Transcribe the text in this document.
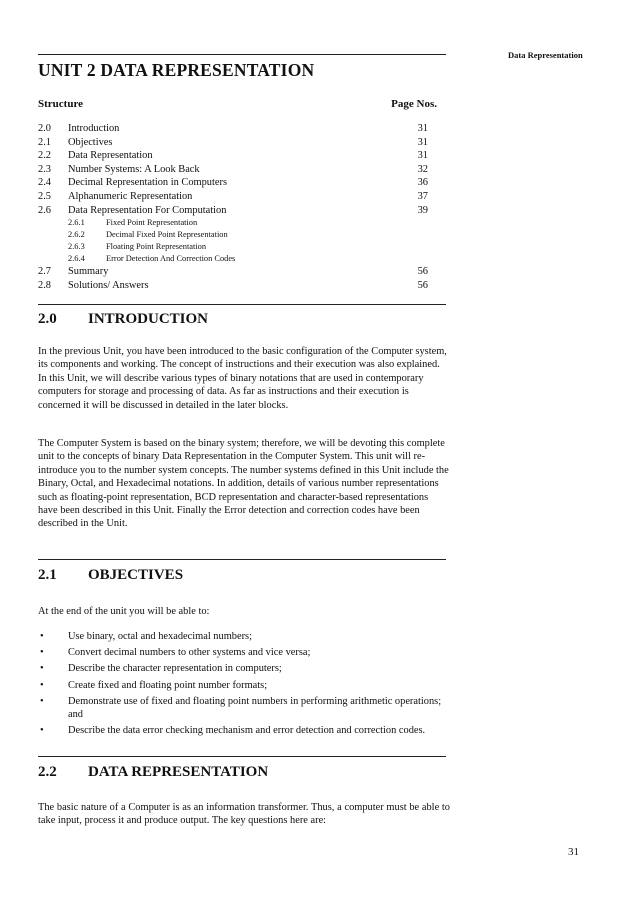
Data Representation
UNIT 2 DATA REPRESENTATION
Structure	Page Nos.
2.0 Introduction	31
2.1 Objectives	31
2.2 Data Representation	31
2.3 Number Systems: A Look Back	32
2.4 Decimal Representation in Computers	36
2.5 Alphanumeric Representation	37
2.6 Data Representation For Computation	39
2.6.1	Fixed Point Representation
2.6.2	Decimal Fixed Point Representation
2.6.3	Floating Point Representation
2.6.4	Error Detection And Correction Codes
2.7 Summary	56
2.8 Solutions/ Answers	56
2.0 INTRODUCTION

In the previous Unit, you have been introduced to the basic configuration of the Computer system, its components and working. The concept of instructions and their execution was also explained. In this Unit, we will describe various types of binary notations that are used in contemporary computers for storage and processing of data. As far as instructions and their execution is concerned it will be discussed in detailed in the later blocks.

The Computer System is based on the binary system; therefore, we will be devoting this complete unit to the concepts of binary Data Representation in the Computer System. This unit will re-introduce you to the number system concepts. The number systems defined in this Unit include the Binary, Octal, and Hexadecimal notations. In addition, details of various number representations such as floating-point representation, BCD representation and character-based representations have been described in this Unit. Finally the Error detection and correction codes have been described in the Unit.

2.1 OBJECTIVES

At the end of the unit you will be able to:

• Use binary, octal and hexadecimal numbers;
• Convert decimal numbers to other systems and vice versa;
• Describe the character representation in computers;
• Create fixed and floating point number formats;
• Demonstrate use of fixed and floating point numbers in performing arithmetic operations; and
• Describe the data error checking mechanism and error detection and correction codes.
2.2 DATA REPRESENTATION

The basic nature of a Computer is as an information transformer. Thus, a computer must be able to take input, process it and produce output. The key questions here are:

31
